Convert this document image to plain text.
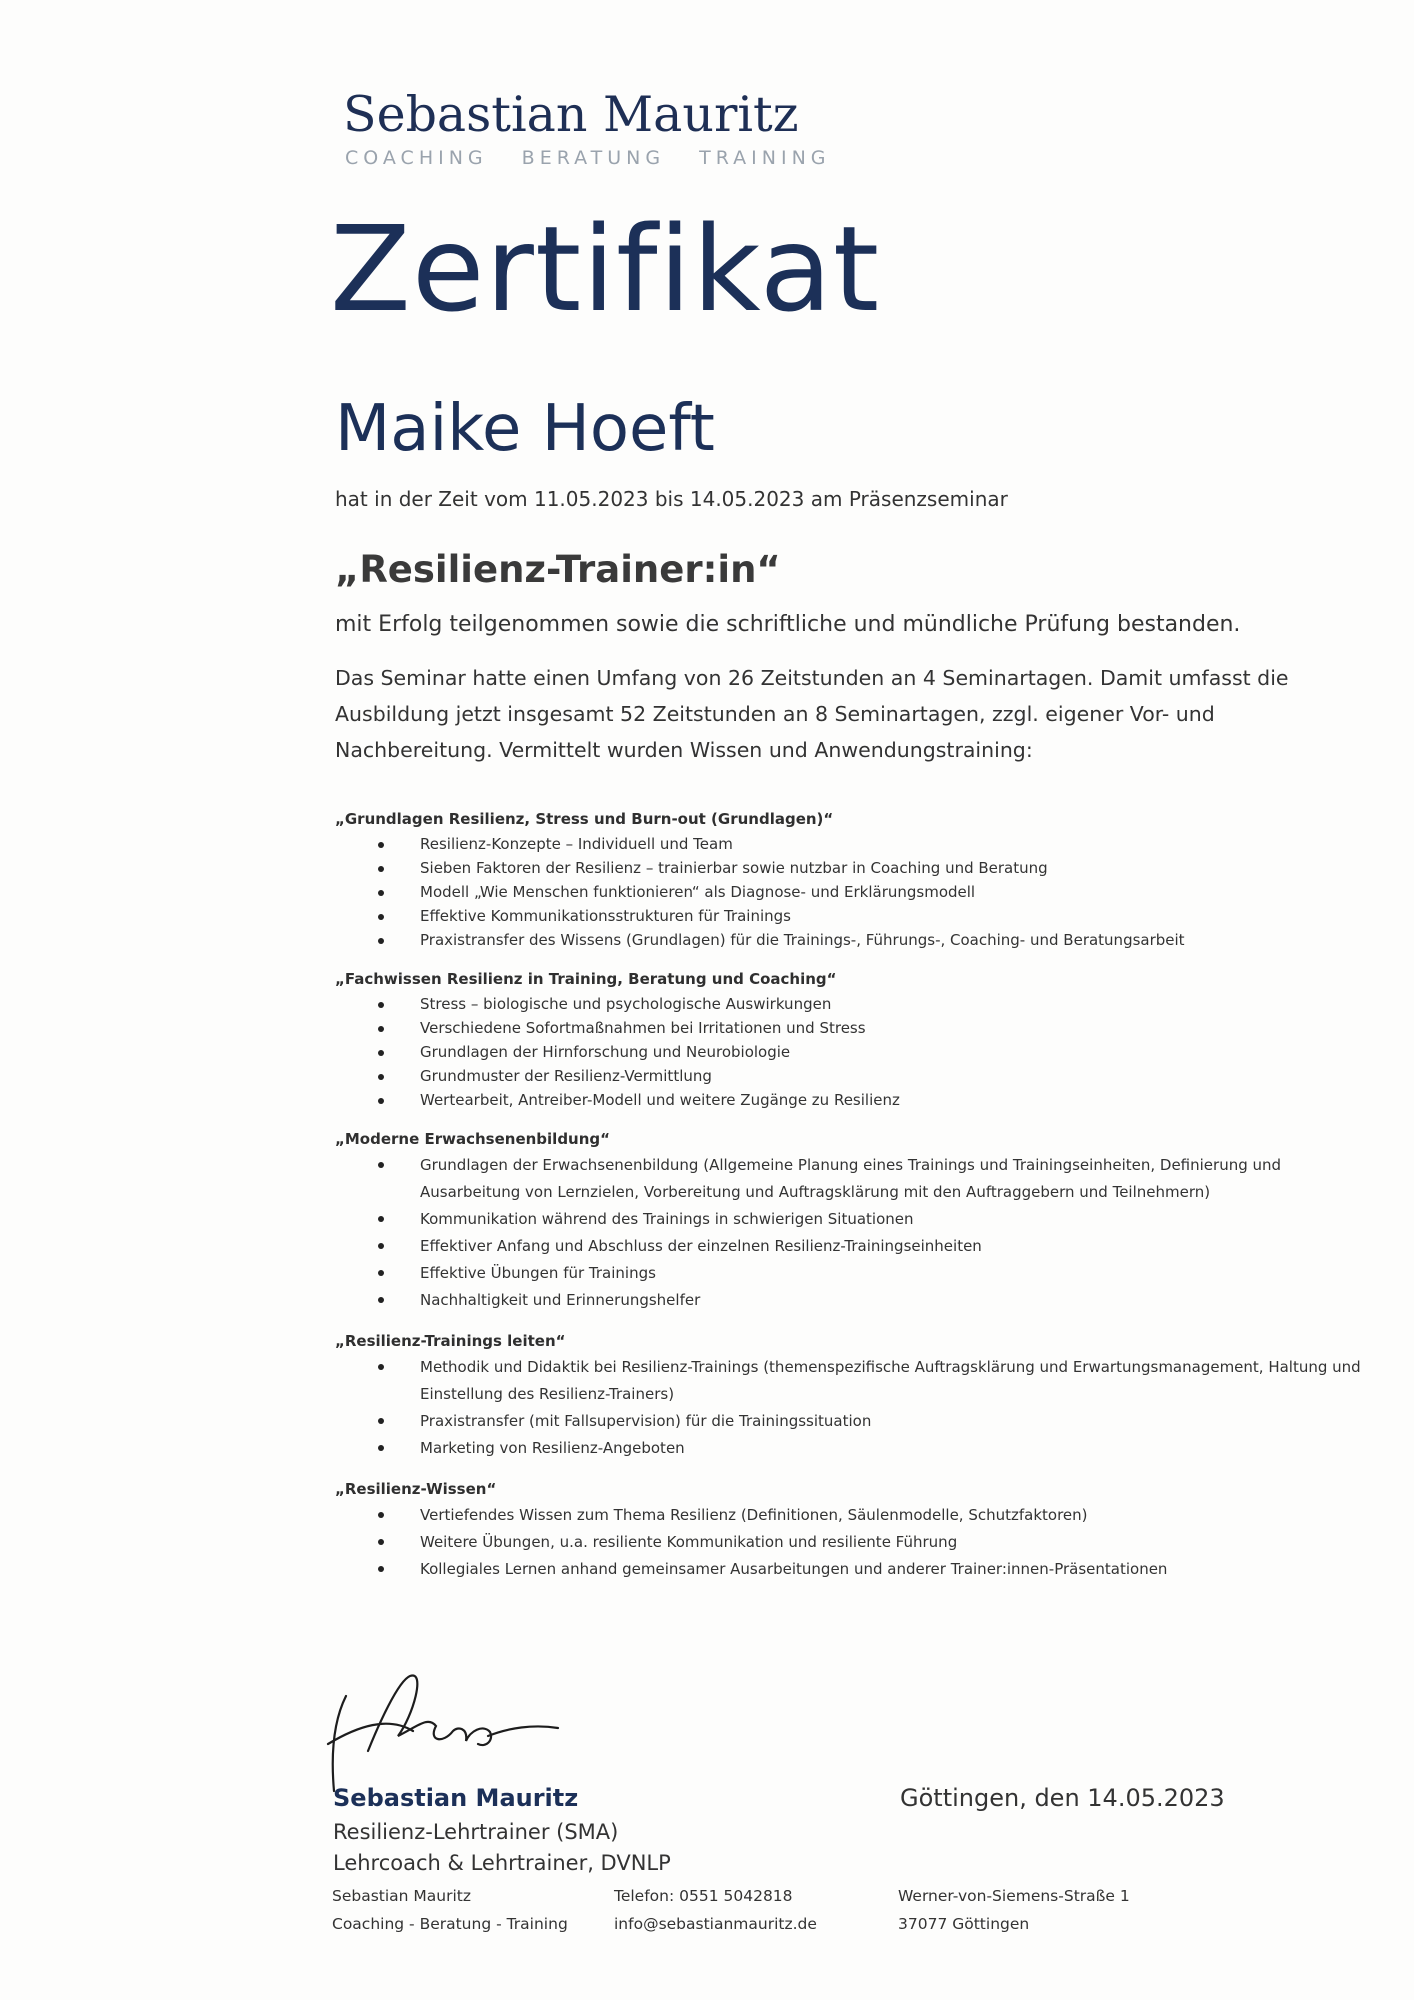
Sebastian Mauritz
COACHING BERATUNG TRAINING
Zertifikat
Maike Hoeft
hat in der Zeit vom 11.05.2023 bis 14.05.2023 am Präsenzseminar
„Resilienz-Trainer:in“
mit Erfolg teilgenommen sowie die schriftliche und mündliche Prüfung bestanden.

Das Seminar hatte einen Umfang von 26 Zeitstunden an 4 Seminartagen. Damit umfasst die

Ausbildung jetzt insgesamt 52 Zeitstunden an 8 Seminartagen, zzgl. eigener Vor- und

Nachbereitung. Vermittelt wurden Wissen und Anwendungstraining:

„Grundlagen Resilienz, Stress und Burn-out (Grundlagen)“
Resilienz-Konzepte – Individuell und Team
Sieben Faktoren der Resilienz – trainierbar sowie nutzbar in Coaching und Beratung
Modell „Wie Menschen funktionieren“ als Diagnose- und Erklärungsmodell
Effektive Kommunikationsstrukturen für Trainings
Praxistransfer des Wissens (Grundlagen) für die Trainings-, Führungs-, Coaching- und Beratungsarbeit
„Fachwissen Resilienz in Training, Beratung und Coaching“
Stress – biologische und psychologische Auswirkungen
Verschiedene Sofortmaßnahmen bei Irritationen und Stress
Grundlagen der Hirnforschung und Neurobiologie
Grundmuster der Resilienz-Vermittlung
Wertearbeit, Antreiber-Modell und weitere Zugänge zu Resilienz
„Moderne Erwachsenenbildung“
Grundlagen der Erwachsenenbildung (Allgemeine Planung eines Trainings und Trainingseinheiten, Definierung und Ausarbeitung von Lernzielen, Vorbereitung und Auftragsklärung mit den Auftraggebern und Teilnehmern)
Kommunikation während des Trainings in schwierigen Situationen
Effektiver Anfang und Abschluss der einzelnen Resilienz-Trainingseinheiten
Effektive Übungen für Trainings
Nachhaltigkeit und Erinnerungshelfer
„Resilienz-Trainings leiten“
Methodik und Didaktik bei Resilienz-Trainings (themenspezifische Auftragsklärung und Erwartungsmanagement, Haltung und Einstellung des Resilienz-Trainers)
Praxistransfer (mit Fallsupervision) für die Trainingssituation
Marketing von Resilienz-Angeboten
„Resilienz-Wissen“
Vertiefendes Wissen zum Thema Resilienz (Definitionen, Säulenmodelle, Schutzfaktoren)
Weitere Übungen, u.a. resiliente Kommunikation und resiliente Führung
Kollegiales Lernen anhand gemeinsamer Ausarbeitungen und anderer Trainer:innen-Präsentationen
Sebastian Mauritz
Resilienz-Lehrtrainer (SMA)
Lehrcoach & Lehrtrainer, DVNLP
Göttingen, den 14.05.2023
Sebastian Mauritz
Coaching - Beratung - Training
Telefon: 0551 5042818
info@sebastianmauritz.de
Werner-von-Siemens-Straße 1
37077 Göttingen
